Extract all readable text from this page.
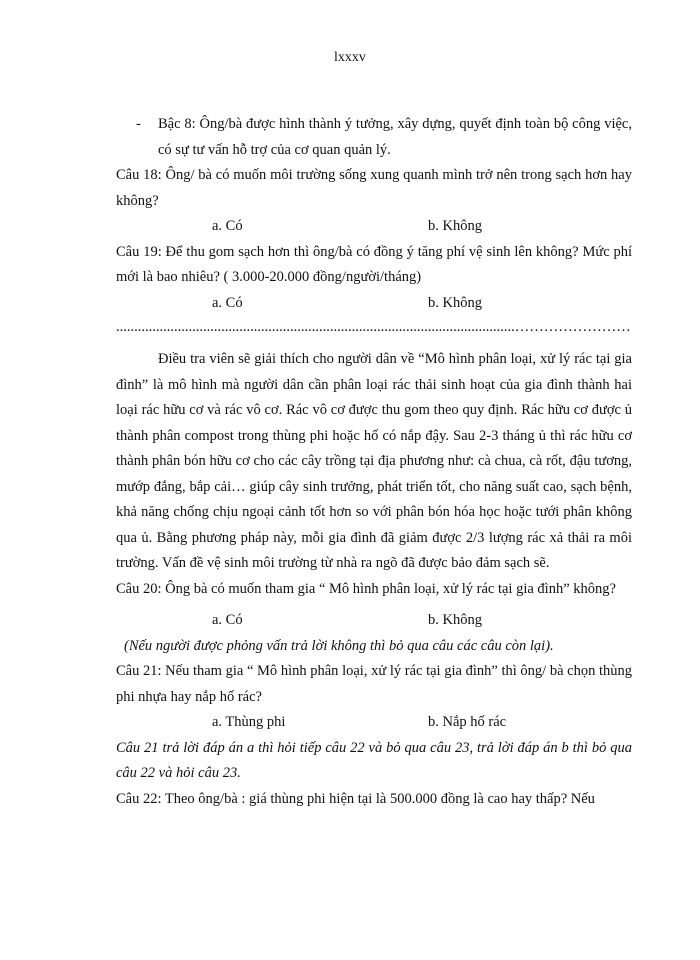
lxxxv

- Bậc 8: Ông/bà được hình thành ý tưởng, xây dựng, quyết định toàn bộ công việc, có sự tư vấn hỗ trợ của cơ quan quản lý.

Câu 18: Ông/ bà có muốn môi trường sống xung quanh mình trở nên trong sạch hơn hay không?

a. Có	b. Không

Câu 19: Để thu gom sạch hơn thì ông/bà có đồng ý tăng phí vệ sinh lên không? Mức phí mới là bao nhiêu? ( 3.000-20.000 đồng/người/tháng)

a. Có	b. Không

..............................................................................................................……………………

Điều tra viên sẽ giải thích cho người dân về “Mô hình phân loại, xử lý rác tại gia đình” là mô hình mà người dân cần phân loại rác thải sinh hoạt của gia đình thành hai loại rác hữu cơ và rác vô cơ. Rác vô cơ được thu gom theo quy định. Rác hữu cơ được ủ thành phân compost trong thùng phi hoặc hố có nắp đậy. Sau 2-3 tháng ủ thì rác hữu cơ thành phân bón hữu cơ cho các cây trồng tại địa phương như: cà chua, cà rốt, đậu tương, mướp đắng, bắp cải… giúp cây sinh trưởng, phát triển tốt, cho năng suất cao, sạch bệnh, khả năng chống chịu ngoại cảnh tốt hơn so với phân bón hóa học hoặc tưới phân không qua ủ. Bằng phương pháp này, mỗi gia đình đã giảm được 2/3 lượng rác xả thải ra môi trường. Vấn đề vệ sinh môi trường từ nhà ra ngõ đã được bảo đảm sạch sẽ.

Câu 20: Ông bà có muốn tham gia “ Mô hình phân loại, xử lý rác tại gia đình” không?

a. Có	b. Không

(Nếu người được phỏng vấn trả lời không thì bỏ qua câu các câu còn lại).

Câu 21: Nếu tham gia “ Mô hình phân loại, xử lý rác tại gia đình” thì ông/ bà chọn thùng phi nhựa hay nắp hố rác?

a. Thùng phi	b. Nắp hố rác

Câu 21 trả lời đáp án a thì hỏi tiếp câu 22 và bỏ qua câu 23, trả lời đáp án b thì bỏ qua câu 22 và hỏi câu 23.

Câu 22: Theo ông/bà : giá thùng phi hiện tại là 500.000 đồng là cao hay thấp? Nếu
